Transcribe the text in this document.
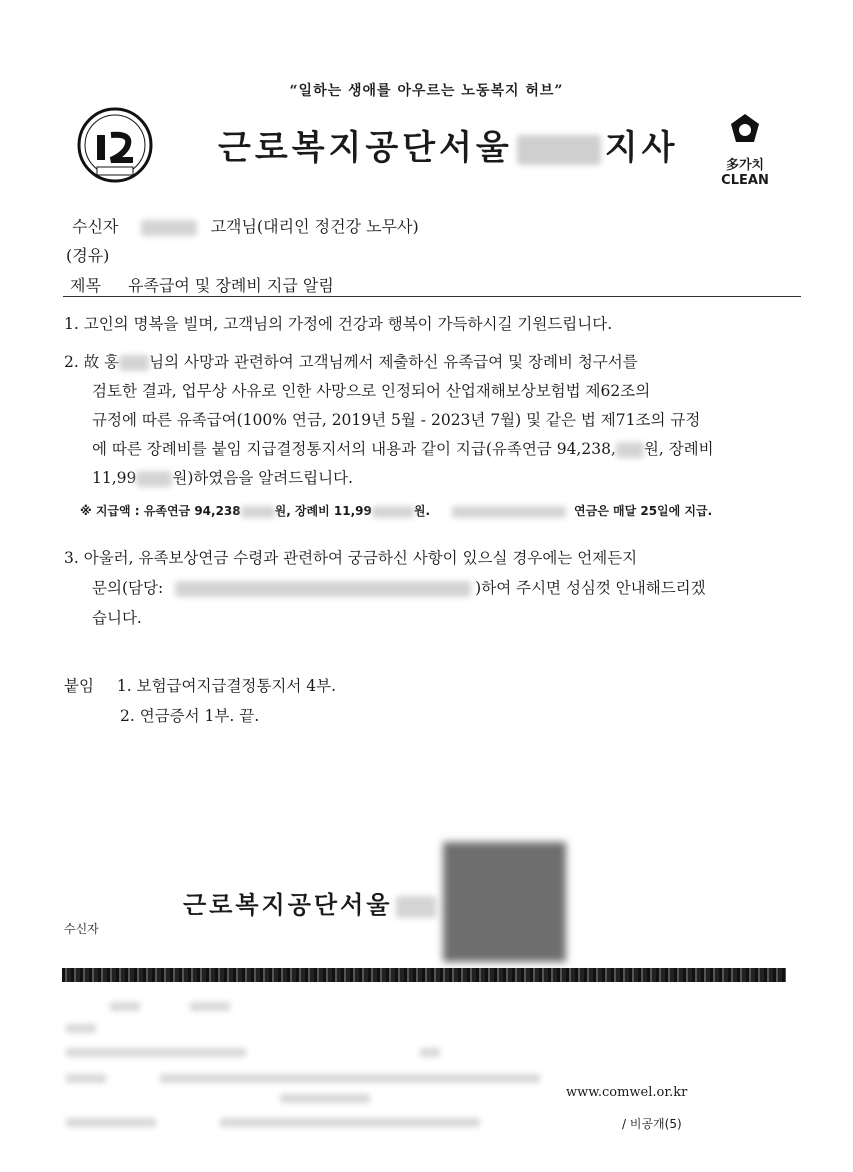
“일하는 생애를 아우르는 노동복지 허브”
근로복지공단서울	지사	多가치 CLEAN
수신자	고객님(대리인 정건강 노무사)
(경유)
제목 유족급여 및 장례비 지급 알림
1. 고인의 명복을 빌며, 고객님의 가정에 건강과 행복이 가득하시길 기원드립니다.
2. 故 홍 님의 사망과 관련하여 고객님께서 제출하신 유족급여 및 장례비 청구서를
검토한 결과, 업무상 사유로 인한 사망으로 인정되어 산업재해보상보험법 제62조의
규정에 따른 유족급여(100% 연금, 2019년 5월 - 2023년 7월) 및 같은 법 제71조의 규정
에 따른 장례비를 붙임 지급결정통지서의 내용과 같이 지급(유족연금 94,238, 원, 장례비
11,99 원)하였음을 알려드립니다.
※ 지급액 : 유족연금 94,238	원, 장례비 11,99	원.	연금은 매달 25일에 지급.
3. 아울러, 유족보상연금 수령과 관련하여 궁금하신 사항이 있으실 경우에는 언제든지
문의(담당:	)하여 주시면 성심껏 안내해드리겠
습니다.
붙임 1. 보험급여지급결정통지서 4부.
2. 연금증서 1부. 끝.
근로복지공단서울
수신자
www.comwel.or.kr
/ 비공개(5)
